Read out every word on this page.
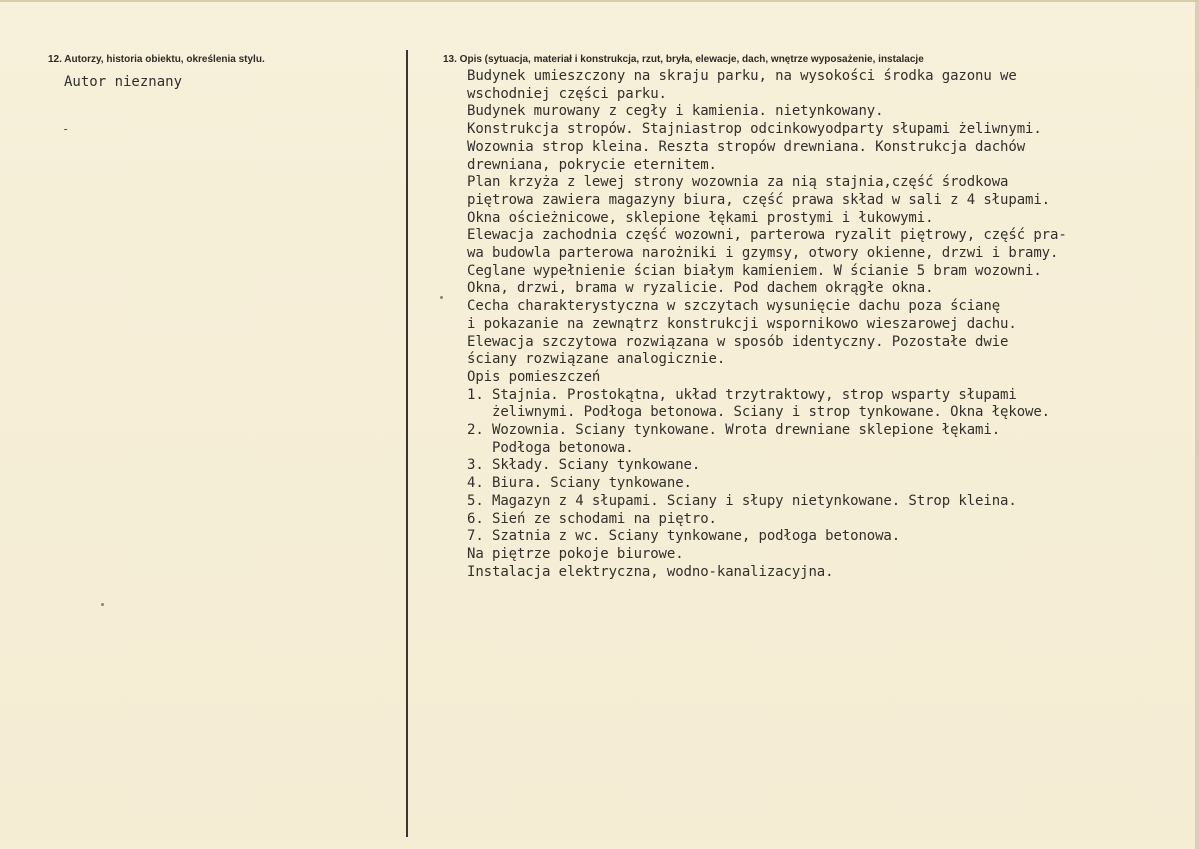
12. Autorzy, historia obiektu, określenia stylu.
Autor nieznany
-
13. Opis (sytuacja, materiał i konstrukcja, rzut, bryła, elewacje, dach, wnętrze wyposażenie, instalacje
Budynek umieszczony na skraju parku, na wysokości środka gazonu we
wschodniej części parku.
Budynek murowany z cegły i kamienia. nietynkowany.
Konstrukcja stropów. Stajniastrop odcinkowyodparty słupami żeliwnymi.
Wozownia strop kleina. Reszta stropów drewniana. Konstrukcja dachów
drewniana, pokrycie eternitem.
Plan krzyża z lewej strony wozownia za nią stajnia,część środkowa
piętrowa zawiera magazyny biura, część prawa skład w sali z 4 słupami.
Okna ościeżnicowe, sklepione łękami prostymi i łukowymi.
Elewacja zachodnia część wozowni, parterowa ryzalit piętrowy, część pra-
wa budowla parterowa narożniki i gzymsy, otwory okienne, drzwi i bramy.
Ceglane wypełnienie ścian białym kamieniem. W ścianie 5 bram wozowni.
Okna, drzwi, brama w ryzalicie. Pod dachem okrągłe okna.
Cecha charakterystyczna w szczytach wysunięcie dachu poza ścianę
i pokazanie na zewnątrz konstrukcji wspornikowo wieszarowej dachu.
Elewacja szczytowa rozwiązana w sposób identyczny. Pozostałe dwie
ściany rozwiązane analogicznie.
Opis pomieszczeń
1. Stajnia. Prostokątna, układ trzytraktowy, strop wsparty słupami
żeliwnymi. Podłoga betonowa. Sciany i strop tynkowane. Okna łękowe.
2. Wozownia. Sciany tynkowane. Wrota drewniane sklepione łękami.
Podłoga betonowa.
3. Składy. Sciany tynkowane.
4. Biura. Sciany tynkowane.
5. Magazyn z 4 słupami. Sciany i słupy nietynkowane. Strop kleina.
6. Sień ze schodami na piętro.
7. Szatnia z wc. Sciany tynkowane, podłoga betonowa.
Na piętrze pokoje biurowe.
Instalacja elektryczna, wodno-kanalizacyjna.
